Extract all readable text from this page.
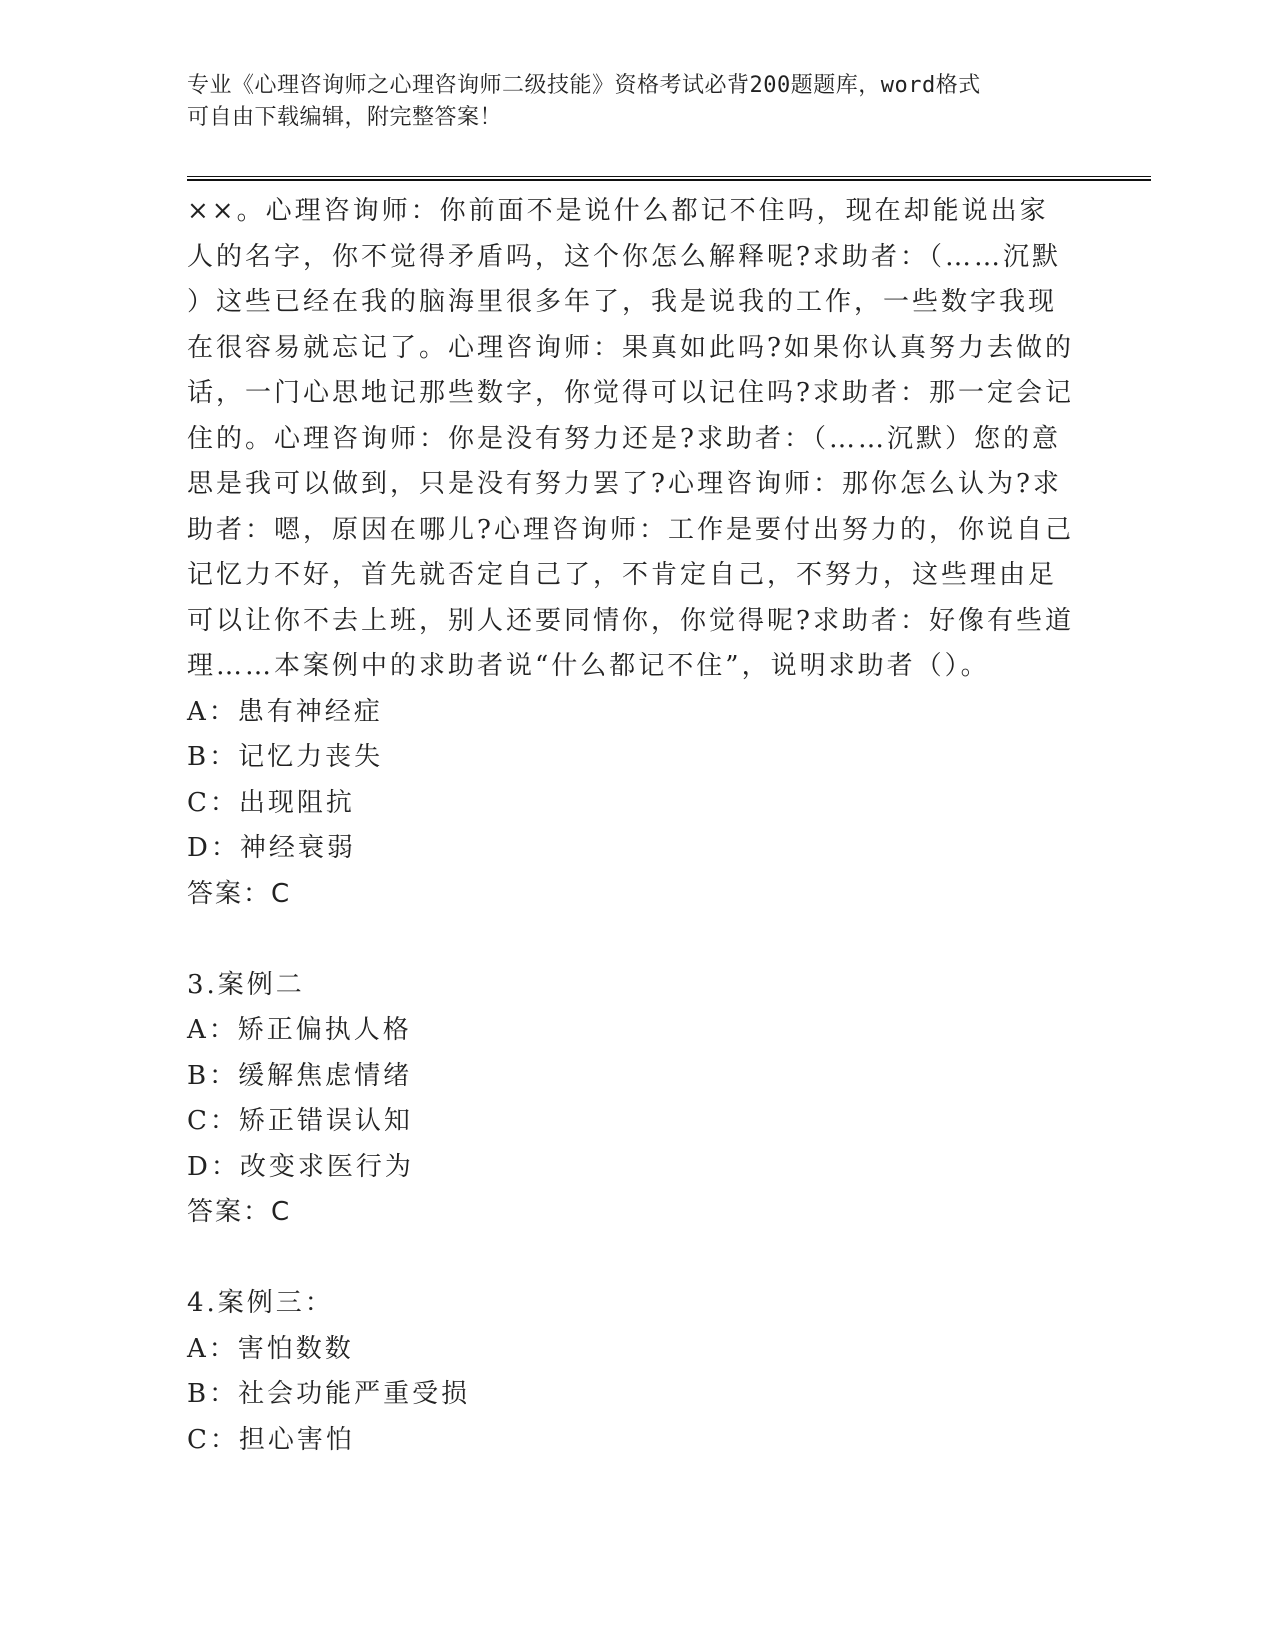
专业《心理咨询师之心理咨询师二级技能》资格考试必背200题题库，word格式
可自由下载编辑，附完整答案！

××。心理咨询师：你前面不是说什么都记不住吗，现在却能说出家

人的名字，你不觉得矛盾吗，这个你怎么解释呢?求助者：（……沉默

）这些已经在我的脑海里很多年了，我是说我的工作，一些数字我现

在很容易就忘记了。心理咨询师：果真如此吗?如果你认真努力去做的

话，一门心思地记那些数字，你觉得可以记住吗?求助者：那一定会记

住的。心理咨询师：你是没有努力还是?求助者：（……沉默）您的意

思是我可以做到，只是没有努力罢了?心理咨询师：那你怎么认为?求

助者：嗯，原因在哪儿?心理咨询师：工作是要付出努力的，你说自己

记忆力不好，首先就否定自己了，不肯定自己，不努力，这些理由足

可以让你不去上班，别人还要同情你，你觉得呢?求助者：好像有些道

理……本案例中的求助者说“什么都记不住”，说明求助者（）。

A：患有神经症

B：记忆力丧失

C：出现阻抗

D：神经衰弱

答案：C

3.案例二

A：矫正偏执人格

B：缓解焦虑情绪

C：矫正错误认知

D：改变求医行为

答案：C

4.案例三：

A：害怕数数

B：社会功能严重受损

C：担心害怕
